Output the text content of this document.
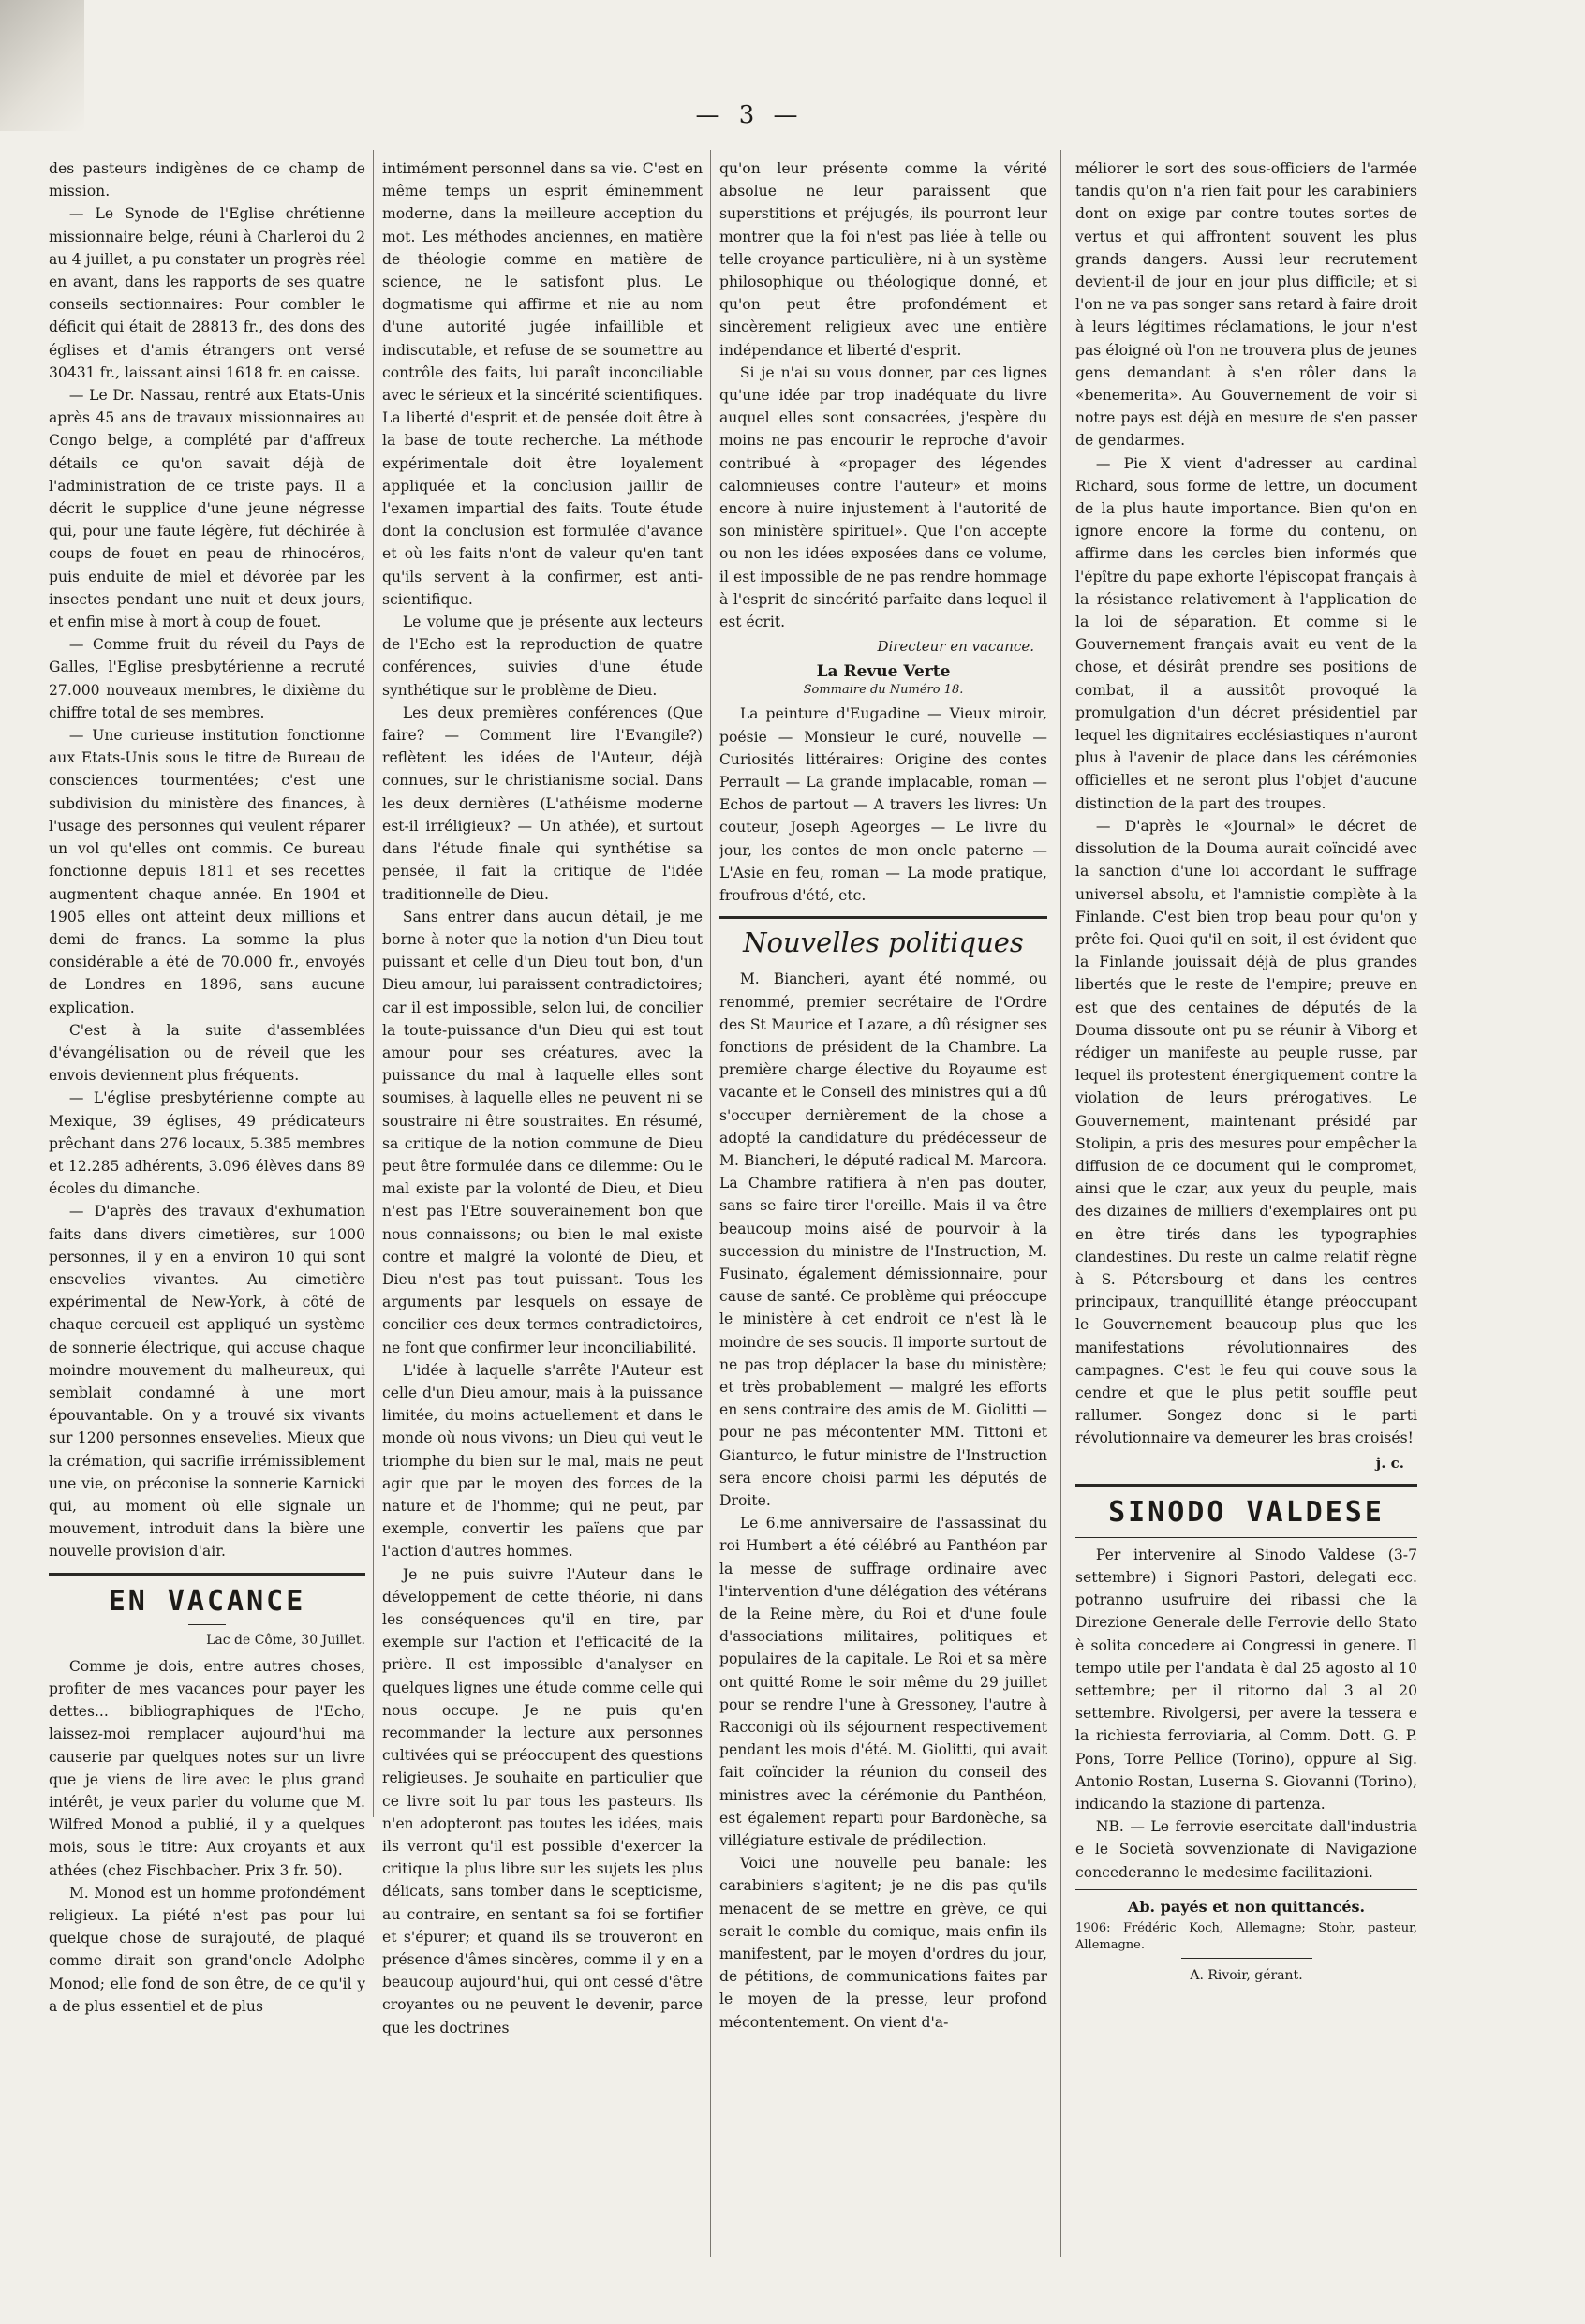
— 3 —

des pasteurs indigènes de ce champ de mission.

— Le Synode de l'Eglise chrétienne missionnaire belge, réuni à Charleroi du 2 au 4 juillet, a pu constater un progrès réel en avant, dans les rapports de ses quatre conseils sectionnaires: Pour combler le déficit qui était de 28813 fr., des dons des églises et d'amis étrangers ont versé 30431 fr., laissant ainsi 1618 fr. en caisse.

— Le Dr. Nassau, rentré aux Etats-Unis après 45 ans de travaux missionnaires au Congo belge, a complété par d'affreux détails ce qu'on savait déjà de l'administration de ce triste pays. Il a décrit le supplice d'une jeune négresse qui, pour une faute légère, fut déchirée à coups de fouet en peau de rhinocéros, puis enduite de miel et dévorée par les insectes pendant une nuit et deux jours, et enfin mise à mort à coup de fouet.

— Comme fruit du réveil du Pays de Galles, l'Eglise presbytérienne a recruté 27.000 nouveaux membres, le dixième du chiffre total de ses membres.

— Une curieuse institution fonctionne aux Etats-Unis sous le titre de Bureau de consciences tourmentées; c'est une subdivision du ministère des finances, à l'usage des personnes qui veulent réparer un vol qu'elles ont commis. Ce bureau fonctionne depuis 1811 et ses recettes augmentent chaque année. En 1904 et 1905 elles ont atteint deux millions et demi de francs. La somme la plus considérable a été de 70.000 fr., envoyés de Londres en 1896, sans aucune explication.

C'est à la suite d'assemblées d'évangélisation ou de réveil que les envois deviennent plus fréquents.

— L'église presbytérienne compte au Mexique, 39 églises, 49 prédicateurs prêchant dans 276 locaux, 5.385 membres et 12.285 adhérents, 3.096 élèves dans 89 écoles du dimanche.

— D'après des travaux d'exhumation faits dans divers cimetières, sur 1000 personnes, il y en a environ 10 qui sont ensevelies vivantes. Au cimetière expérimental de New-York, à côté de chaque cercueil est appliqué un système de sonnerie électrique, qui accuse chaque moindre mouvement du malheureux, qui semblait condamné à une mort épouvantable. On y a trouvé six vivants sur 1200 personnes ensevelies. Mieux que la crémation, qui sacrifie irrémissiblement une vie, on préconise la sonnerie Karnicki qui, au moment où elle signale un mouvement, introduit dans la bière une nouvelle provision d'air.

EN VACANCE
Lac de Côme, 30 Juillet.

Comme je dois, entre autres choses, profiter de mes vacances pour payer les dettes... bibliographiques de l'Echo, laissez-moi remplacer aujourd'hui ma causerie par quelques notes sur un livre que je viens de lire avec le plus grand intérêt, je veux parler du volume que M. Wilfred Monod a publié, il y a quelques mois, sous le titre: Aux croyants et aux athées (chez Fischbacher. Prix 3 fr. 50).

M. Monod est un homme profondément religieux. La piété n'est pas pour lui quelque chose de surajouté, de plaqué comme dirait son grand'oncle Adolphe Monod; elle fond de son être, de ce qu'il y a de plus essentiel et de plus

intimément personnel dans sa vie. C'est en même temps un esprit éminemment moderne, dans la meilleure acception du mot. Les méthodes anciennes, en matière de théologie comme en matière de science, ne le satisfont plus. Le dogmatisme qui affirme et nie au nom d'une autorité jugée infaillible et indiscutable, et refuse de se soumettre au contrôle des faits, lui paraît inconciliable avec le sérieux et la sincérité scientifiques. La liberté d'esprit et de pensée doit être à la base de toute recherche. La méthode expérimentale doit être loyalement appliquée et la conclusion jaillir de l'examen impartial des faits. Toute étude dont la conclusion est formulée d'avance et où les faits n'ont de valeur qu'en tant qu'ils servent à la confirmer, est anti-scientifique.

Le volume que je présente aux lecteurs de l'Echo est la reproduction de quatre conférences, suivies d'une étude synthétique sur le problème de Dieu.

Les deux premières conférences (Que faire? — Comment lire l'Evangile?) reflètent les idées de l'Auteur, déjà connues, sur le christianisme social. Dans les deux dernières (L'athéisme moderne est-il irréligieux? — Un athée), et surtout dans l'étude finale qui synthétise sa pensée, il fait la critique de l'idée traditionnelle de Dieu.

Sans entrer dans aucun détail, je me borne à noter que la notion d'un Dieu tout puissant et celle d'un Dieu tout bon, d'un Dieu amour, lui paraissent contradictoires; car il est impossible, selon lui, de concilier la toute-puissance d'un Dieu qui est tout amour pour ses créatures, avec la puissance du mal à laquelle elles sont soumises, à laquelle elles ne peuvent ni se soustraire ni être soustraites. En résumé, sa critique de la notion commune de Dieu peut être formulée dans ce dilemme: Ou le mal existe par la volonté de Dieu, et Dieu n'est pas l'Etre souverainement bon que nous connaissons; ou bien le mal existe contre et malgré la volonté de Dieu, et Dieu n'est pas tout puissant. Tous les arguments par lesquels on essaye de concilier ces deux termes contradictoires, ne font que confirmer leur inconciliabilité.

L'idée à laquelle s'arrête l'Auteur est celle d'un Dieu amour, mais à la puissance limitée, du moins actuellement et dans le monde où nous vivons; un Dieu qui veut le triomphe du bien sur le mal, mais ne peut agir que par le moyen des forces de la nature et de l'homme; qui ne peut, par exemple, convertir les païens que par l'action d'autres hommes.

Je ne puis suivre l'Auteur dans le développement de cette théorie, ni dans les conséquences qu'il en tire, par exemple sur l'action et l'efficacité de la prière. Il est impossible d'analyser en quelques lignes une étude comme celle qui nous occupe. Je ne puis qu'en recommander la lecture aux personnes cultivées qui se préoccupent des questions religieuses. Je souhaite en particulier que ce livre soit lu par tous les pasteurs. Ils n'en adopteront pas toutes les idées, mais ils verront qu'il est possible d'exercer la critique la plus libre sur les sujets les plus délicats, sans tomber dans le scepticisme, au contraire, en sentant sa foi se fortifier et s'épurer; et quand ils se trouveront en présence d'âmes sincères, comme il y en a beaucoup aujourd'hui, qui ont cessé d'être croyantes ou ne peuvent le devenir, parce que les doctrines

qu'on leur présente comme la vérité absolue ne leur paraissent que superstitions et préjugés, ils pourront leur montrer que la foi n'est pas liée à telle ou telle croyance particulière, ni à un système philosophique ou théologique donné, et qu'on peut être profondément et sincèrement religieux avec une entière indépendance et liberté d'esprit.

Si je n'ai su vous donner, par ces lignes qu'une idée par trop inadéquate du livre auquel elles sont consacrées, j'espère du moins ne pas encourir le reproche d'avoir contribué à «propager des légendes calomnieuses contre l'auteur» et moins encore à nuire injustement à l'autorité de son ministère spirituel». Que l'on accepte ou non les idées exposées dans ce volume, il est impossible de ne pas rendre hommage à l'esprit de sincérité parfaite dans lequel il est écrit.

Directeur en vacance.
La Revue Verte
Sommaire du Numéro 18.

La peinture d'Eugadine — Vieux miroir, poésie — Monsieur le curé, nouvelle — Curiosités littéraires: Origine des contes Perrault — La grande implacable, roman — Echos de partout — A travers les livres: Un couteur, Joseph Ageorges — Le livre du jour, les contes de mon oncle paterne — L'Asie en feu, roman — La mode pratique, froufrous d'été, etc.

Nouvelles politiques

M. Biancheri, ayant été nommé, ou renommé, premier secrétaire de l'Ordre des St Maurice et Lazare, a dû résigner ses fonctions de président de la Chambre. La première charge élective du Royaume est vacante et le Conseil des ministres qui a dû s'occuper dernièrement de la chose a adopté la candidature du prédécesseur de M. Biancheri, le député radical M. Marcora. La Chambre ratifiera à n'en pas douter, sans se faire tirer l'oreille. Mais il va être beaucoup moins aisé de pourvoir à la succession du ministre de l'Instruction, M. Fusinato, également démissionnaire, pour cause de santé. Ce problème qui préoccupe le ministère à cet endroit ce n'est là le moindre de ses soucis. Il importe surtout de ne pas trop déplacer la base du ministère; et très probablement — malgré les efforts en sens contraire des amis de M. Giolitti — pour ne pas mécontenter MM. Tittoni et Gianturco, le futur ministre de l'Instruction sera encore choisi parmi les députés de Droite.

Le 6.me anniversaire de l'assassinat du roi Humbert a été célébré au Panthéon par la messe de suffrage ordinaire avec l'intervention d'une délégation des vétérans de la Reine mère, du Roi et d'une foule d'associations militaires, politiques et populaires de la capitale. Le Roi et sa mère ont quitté Rome le soir même du 29 juillet pour se rendre l'une à Gressoney, l'autre à Racconigi où ils séjournent respectivement pendant les mois d'été. M. Giolitti, qui avait fait coïncider la réunion du conseil des ministres avec la cérémonie du Panthéon, est également reparti pour Bardonèche, sa villégiature estivale de prédilection.

Voici une nouvelle peu banale: les carabiniers s'agitent; je ne dis pas qu'ils menacent de se mettre en grève, ce qui serait le comble du comique, mais enfin ils manifestent, par le moyen d'ordres du jour, de pétitions, de communications faites par le moyen de la presse, leur profond mécontentement. On vient d'a-

méliorer le sort des sous-officiers de l'armée tandis qu'on n'a rien fait pour les carabiniers dont on exige par contre toutes sortes de vertus et qui affrontent souvent les plus grands dangers. Aussi leur recrutement devient-il de jour en jour plus difficile; et si l'on ne va pas songer sans retard à faire droit à leurs légitimes réclamations, le jour n'est pas éloigné où l'on ne trouvera plus de jeunes gens demandant à s'en rôler dans la «benemerita». Au Gouvernement de voir si notre pays est déjà en mesure de s'en passer de gendarmes.

— Pie X vient d'adresser au cardinal Richard, sous forme de lettre, un document de la plus haute importance. Bien qu'on en ignore encore la forme du contenu, on affirme dans les cercles bien informés que l'épître du pape exhorte l'épiscopat français à la résistance relativement à l'application de la loi de séparation. Et comme si le Gouvernement français avait eu vent de la chose, et désirât prendre ses positions de combat, il a aussitôt provoqué la promulgation d'un décret présidentiel par lequel les dignitaires ecclésiastiques n'auront plus à l'avenir de place dans les cérémonies officielles et ne seront plus l'objet d'aucune distinction de la part des troupes.

— D'après le «Journal» le décret de dissolution de la Douma aurait coïncidé avec la sanction d'une loi accordant le suffrage universel absolu, et l'amnistie complète à la Finlande. C'est bien trop beau pour qu'on y prête foi. Quoi qu'il en soit, il est évident que la Finlande jouissait déjà de plus grandes libertés que le reste de l'empire; preuve en est que des centaines de députés de la Douma dissoute ont pu se réunir à Viborg et rédiger un manifeste au peuple russe, par lequel ils protestent énergiquement contre la violation de leurs prérogatives. Le Gouvernement, maintenant présidé par Stolipin, a pris des mesures pour empêcher la diffusion de ce document qui le compromet, ainsi que le czar, aux yeux du peuple, mais des dizaines de milliers d'exemplaires ont pu en être tirés dans les typographies clandestines. Du reste un calme relatif règne à S. Pétersbourg et dans les centres principaux, tranquillité étange préoccupant le Gouvernement beaucoup plus que les manifestations révolutionnaires des campagnes. C'est le feu qui couve sous la cendre et que le plus petit souffle peut rallumer. Songez donc si le parti révolutionnaire va demeurer les bras croisés!

j. c.
SINODO VALDESE

Per intervenire al Sinodo Valdese (3-7 settembre) i Signori Pastori, delegati ecc. potranno usufruire dei ribassi che la Direzione Generale delle Ferrovie dello Stato è solita concedere ai Congressi in genere. Il tempo utile per l'andata è dal 25 agosto al 10 settembre; per il ritorno dal 3 al 20 settembre. Rivolgersi, per avere la tessera e la richiesta ferroviaria, al Comm. Dott. G. P. Pons, Torre Pellice (Torino), oppure al Sig. Antonio Rostan, Luserna S. Giovanni (Torino), indicando la stazione di partenza.

NB. — Le ferrovie esercitate dall'industria e le Società sovvenzionate di Navigazione concederanno le medesime facilitazioni.

Ab. payés et non quittancés.

1906: Frédéric Koch, Allemagne; Stohr, pasteur, Allemagne.

A. Rivoir, gérant.
